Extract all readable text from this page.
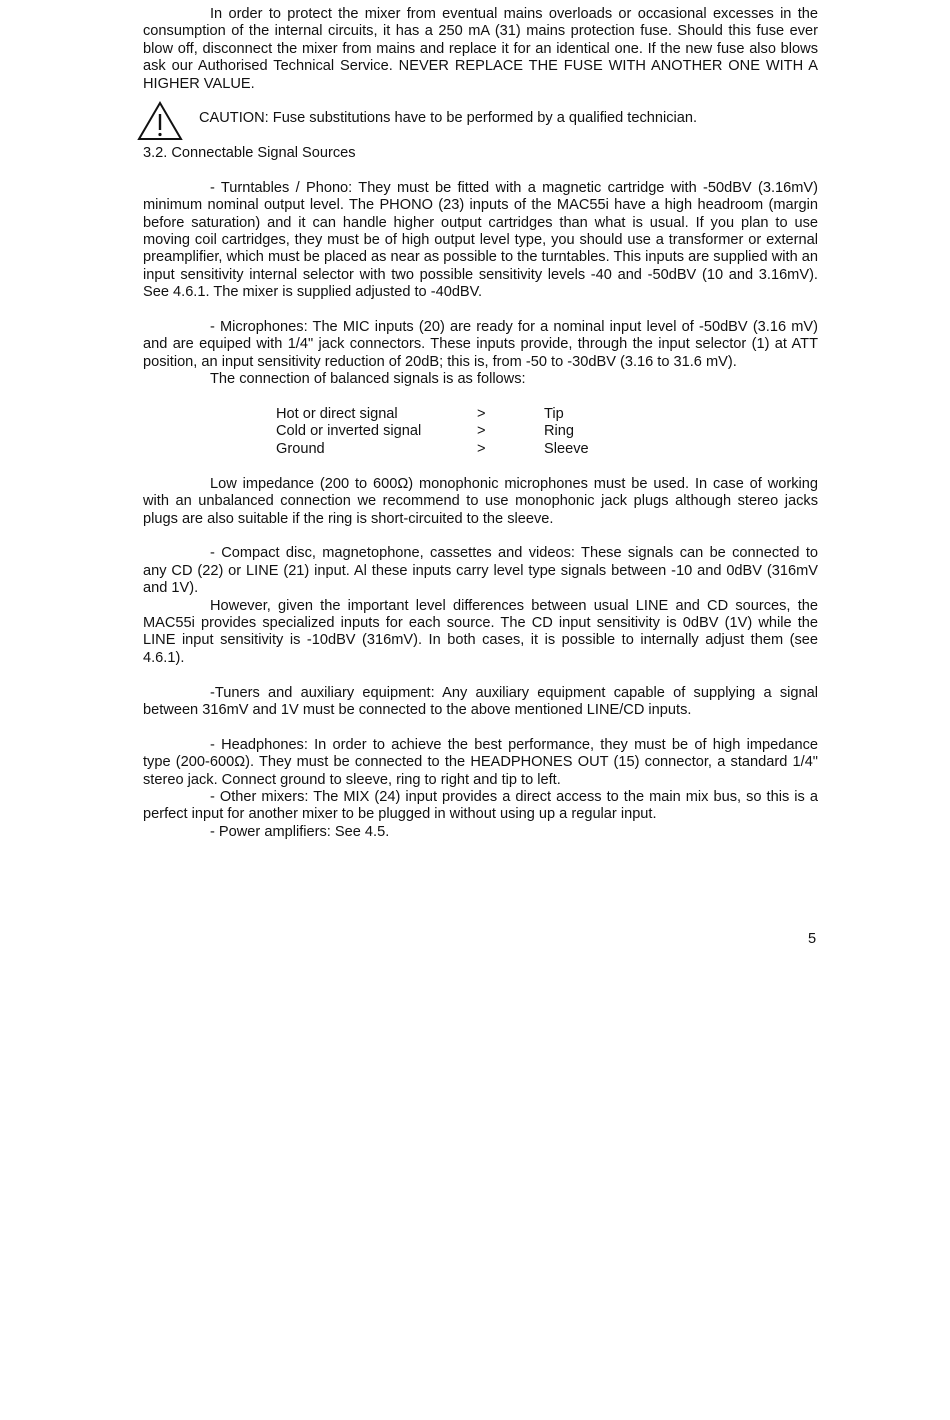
In order to protect the mixer from eventual mains overloads or occasional excesses in the consumption of the internal circuits, it has a 250 mA (31) mains protection fuse. Should this fuse ever blow off, disconnect the mixer from mains and replace it for an identical one. If the new fuse also blows ask our Authorised Technical Service. NEVER REPLACE THE FUSE WITH ANOTHER ONE WITH A HIGHER VALUE.

CAUTION: Fuse substitutions have to be performed by a qualified technician.

3.2. Connectable Signal Sources

- Turntables / Phono: They must be fitted with a magnetic cartridge with -50dBV (3.16mV) minimum nominal output level. The PHONO (23) inputs of the MAC55i have a high headroom (margin before saturation) and it can handle higher output cartridges than what is usual. If you plan to use moving coil cartridges, they must be of high output level type, you should use a transformer or external preamplifier, which must be placed as near as possible to the turntables. This inputs are supplied with an input sensitivity internal selector with two possible sensitivity levels -40 and -50dBV (10 and 3.16mV). See 4.6.1. The mixer is supplied adjusted to -40dBV.

- Microphones: The MIC inputs (20) are ready for a nominal input level of -50dBV (3.16 mV) and are equiped with 1/4" jack connectors. These inputs provide, through the input selector (1) at ATT position, an input sensitivity reduction of 20dB; this is, from -50 to -30dBV (3.16 to 31.6 mV).

The connection of balanced signals is as follows:

Hot or direct signal	>	Tip
Cold or inverted signal	>	Ring
Ground	>	Sleeve

Low impedance (200 to 600Ω) monophonic microphones must be used. In case of working with an unbalanced connection we recommend to use monophonic jack plugs although stereo jacks plugs are also suitable if the ring is short-circuited to the sleeve.

- Compact disc, magnetophone, cassettes and videos: These signals can be connected to any CD (22) or LINE (21) input. Al these inputs carry level type signals between -10 and 0dBV (316mV and 1V).

However, given the important level differences between usual LINE and CD sources, the MAC55i provides specialized inputs for each source. The CD input sensitivity is 0dBV (1V) while the LINE input sensitivity is -10dBV (316mV). In both cases, it is possible to internally adjust them (see 4.6.1).

-Tuners and auxiliary equipment: Any auxiliary equipment capable of supplying a signal between 316mV and 1V must be connected to the above mentioned LINE/CD inputs.

- Headphones: In order to achieve the best performance, they must be of high impedance type (200-600Ω). They must be connected to the HEADPHONES OUT (15) connector, a standard 1/4" stereo jack. Connect ground to sleeve, ring to right and tip to left.

- Other mixers: The MIX (24) input provides a direct access to the main mix bus, so this is a perfect input for another mixer to be plugged in without using up a regular input.

- Power amplifiers: See 4.5.

5
